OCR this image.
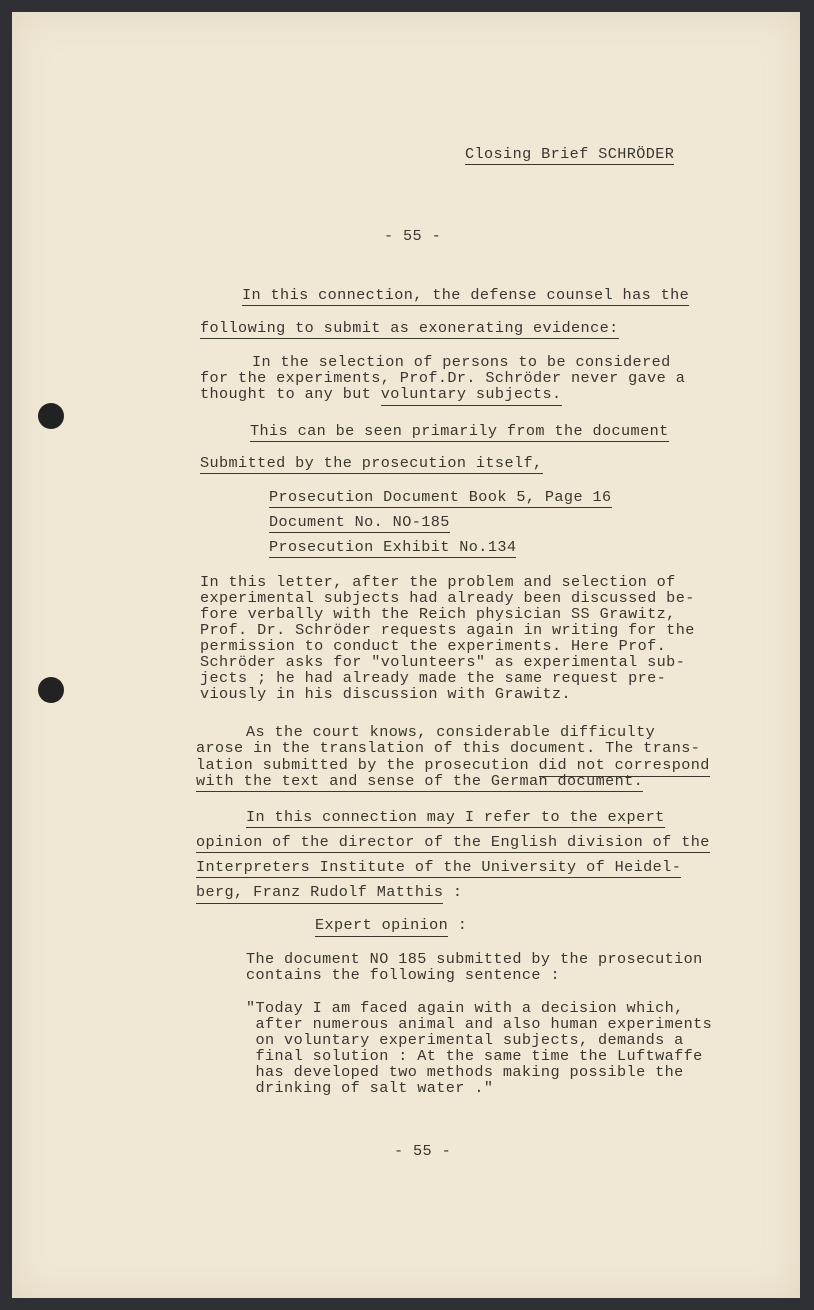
Closing Brief SCHRÖDER
- 55 -
In this connection, the defense counsel has the
following to submit as exonerating evidence:
In the selection of persons to be considered
for the experiments, Prof.Dr. Schröder never gave a
thought to any but voluntary subjects.
This can be seen primarily from the document
Submitted by the prosecution itself,
Prosecution Document Book 5, Page 16
Document No. NO-185
Prosecution Exhibit No.134
In this letter, after the problem and selection of
experimental subjects had already been discussed be-
fore verbally with the Reich physician SS Grawitz,
Prof. Dr. Schröder requests again in writing for the
permission to conduct the experiments. Here Prof.
Schröder asks for "volunteers" as experimental sub-
jects ; he had already made the same request pre-
viously in his discussion with Grawitz.
As the court knows, considerable difficulty
arose in the translation of this document. The trans-
lation submitted by the prosecution did not correspond
with the text and sense of the German document.
In this connection may I refer to the expert
opinion of the director of the English division of the
Interpreters Institute of the University of Heidel-
berg, Franz Rudolf Matthis :
Expert opinion :
The document NO 185 submitted by the prosecution
contains the following sentence :
"Today I am faced again with a decision which,
after numerous animal and also human experiments
on voluntary experimental subjects, demands a
final solution : At the same time the Luftwaffe
has developed two methods making possible the
drinking of salt water ."
- 55 -
